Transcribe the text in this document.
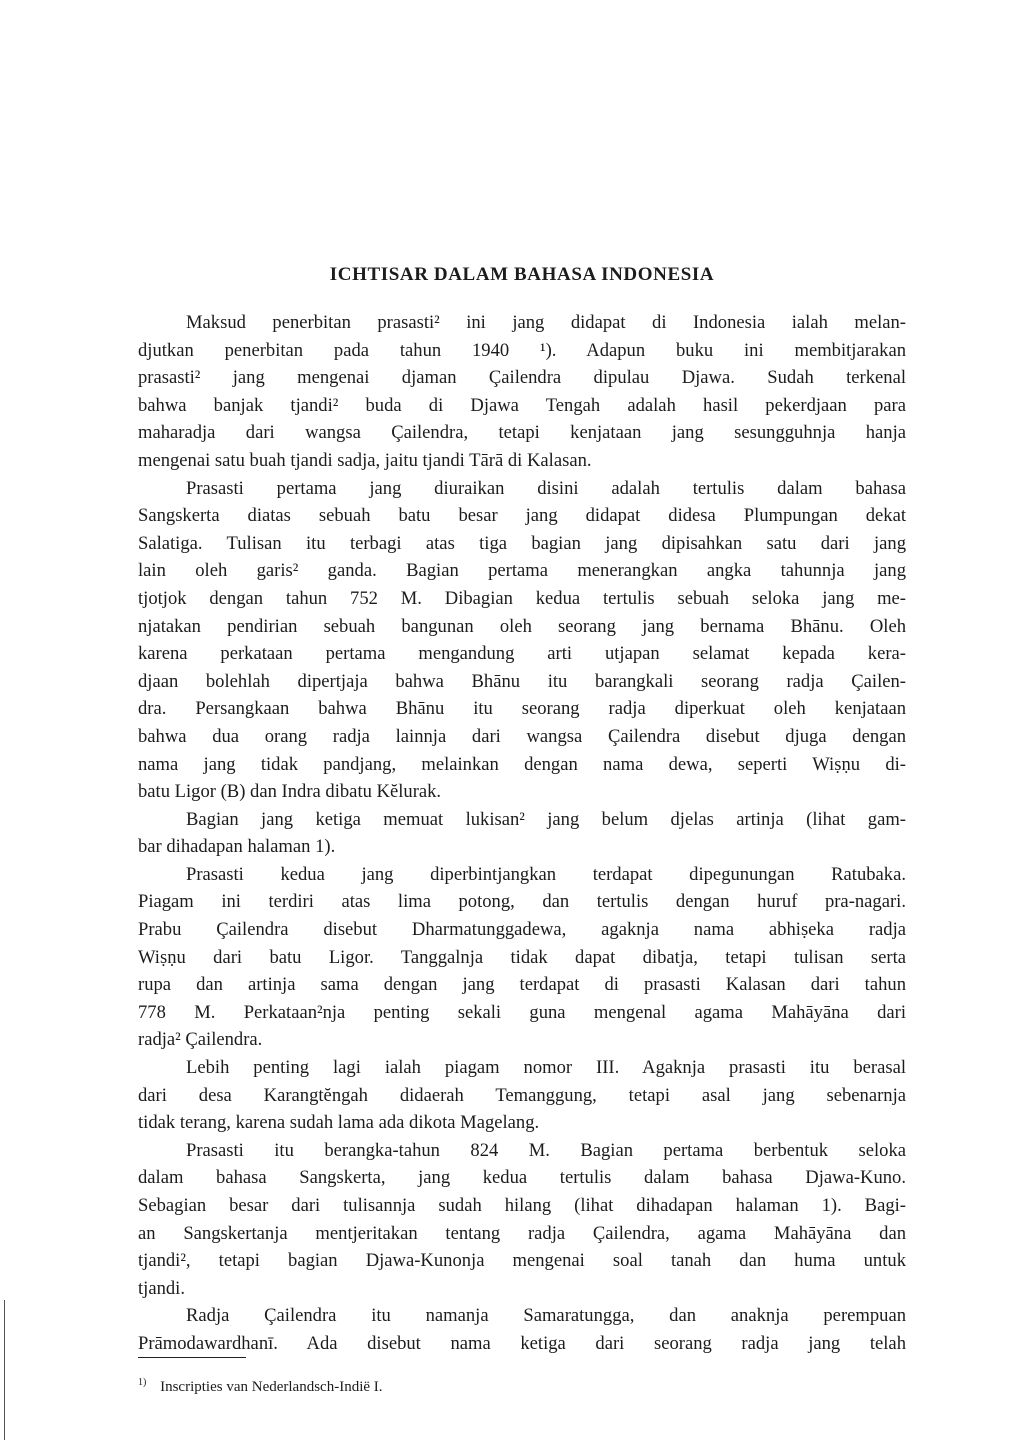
ICHTISAR DALAM BAHASA INDONESIA
Maksud penerbitan prasasti² ini jang didapat di Indonesia ialah melan-
djutkan penerbitan pada tahun 1940 ¹). Adapun buku ini membitjarakan
prasasti² jang mengenai djaman Çailendra dipulau Djawa. Sudah terkenal
bahwa banjak tjandi² buda di Djawa Tengah adalah hasil pekerdjaan para
maharadja dari wangsa Çailendra, tetapi kenjataan jang sesungguhnja hanja
mengenai satu buah tjandi sadja, jaitu tjandi Tārā di Kalasan.
Prasasti pertama jang diuraikan disini adalah tertulis dalam bahasa
Sangskerta diatas sebuah batu besar jang didapat didesa Plumpungan dekat
Salatiga. Tulisan itu terbagi atas tiga bagian jang dipisahkan satu dari jang
lain oleh garis² ganda. Bagian pertama menerangkan angka tahunnja jang
tjotjok dengan tahun 752 M. Dibagian kedua tertulis sebuah seloka jang me-
njatakan pendirian sebuah bangunan oleh seorang jang bernama Bhānu. Oleh
karena perkataan pertama mengandung arti utjapan selamat kepada kera-
djaan bolehlah dipertjaja bahwa Bhānu itu barangkali seorang radja Çailen-
dra. Persangkaan bahwa Bhānu itu seorang radja diperkuat oleh kenjataan
bahwa dua orang radja lainnja dari wangsa Çailendra disebut djuga dengan
nama jang tidak pandjang, melainkan dengan nama dewa, seperti Wiṣṇu di-
batu Ligor (B) dan Indra dibatu Kĕlurak.
Bagian jang ketiga memuat lukisan² jang belum djelas artinja (lihat gam-
bar dihadapan halaman 1).
Prasasti kedua jang diperbintjangkan terdapat dipegunungan Ratubaka.
Piagam ini terdiri atas lima potong, dan tertulis dengan huruf pra-nagari.
Prabu Çailendra disebut Dharmatunggadewa, agaknja nama abhiṣeka radja
Wiṣṇu dari batu Ligor. Tanggalnja tidak dapat dibatja, tetapi tulisan serta
rupa dan artinja sama dengan jang terdapat di prasasti Kalasan dari tahun
778 M. Perkataan²nja penting sekali guna mengenal agama Mahāyāna dari
radja² Çailendra.
Lebih penting lagi ialah piagam nomor III. Agaknja prasasti itu berasal
dari desa Karangtĕngah didaerah Temanggung, tetapi asal jang sebenarnja
tidak terang, karena sudah lama ada dikota Magelang.
Prasasti itu berangka-tahun 824 M. Bagian pertama berbentuk seloka
dalam bahasa Sangskerta, jang kedua tertulis dalam bahasa Djawa-Kuno.
Sebagian besar dari tulisannja sudah hilang (lihat dihadapan halaman 1). Bagi-
an Sangskertanja mentjeritakan tentang radja Çailendra, agama Mahāyāna dan
tjandi², tetapi bagian Djawa-Kunonja mengenai soal tanah dan huma untuk
tjandi.
Radja Çailendra itu namanja Samaratungga, dan anaknja perempuan
Prāmodawardhanī. Ada disebut nama ketiga dari seorang radja jang telah
$^{1)}$ Inscripties van Nederlandsch-Indië I.
